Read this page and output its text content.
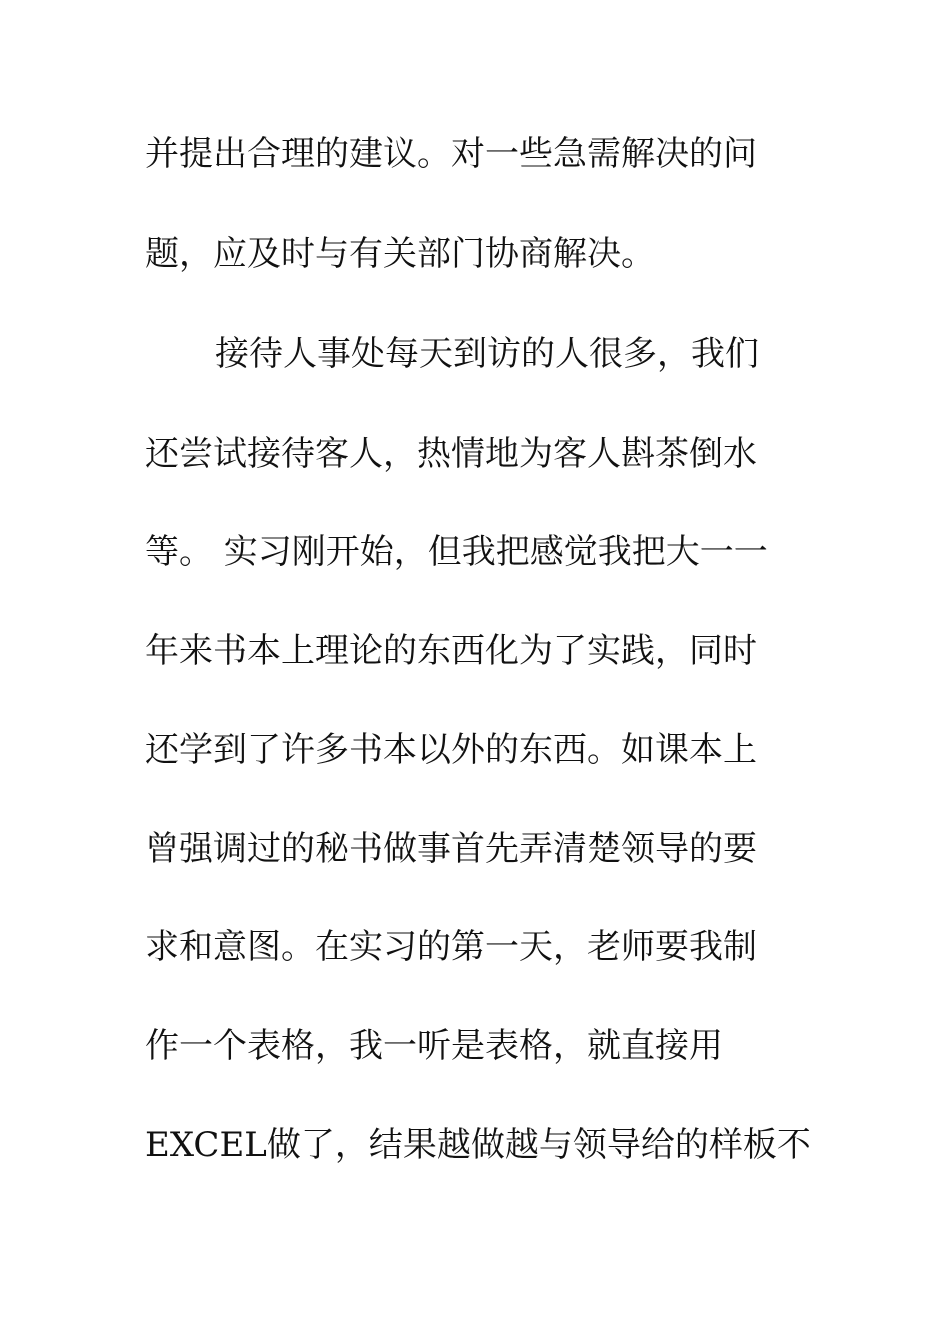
并提出合理的建议。对一些急需解决的问
题，应及时与有关部门协商解决。
接待人事处每天到访的人很多，我们
还尝试接待客人，热情地为客人斟茶倒水
等。 实习刚开始，但我把感觉我把大一一
年来书本上理论的东西化为了实践，同时
还学到了许多书本以外的东西。如课本上
曾强调过的秘书做事首先弄清楚领导的要
求和意图。在实习的第一天，老师要我制
作一个表格，我一听是表格，就直接用
EXCEL做了，结果越做越与领导给的样板不
